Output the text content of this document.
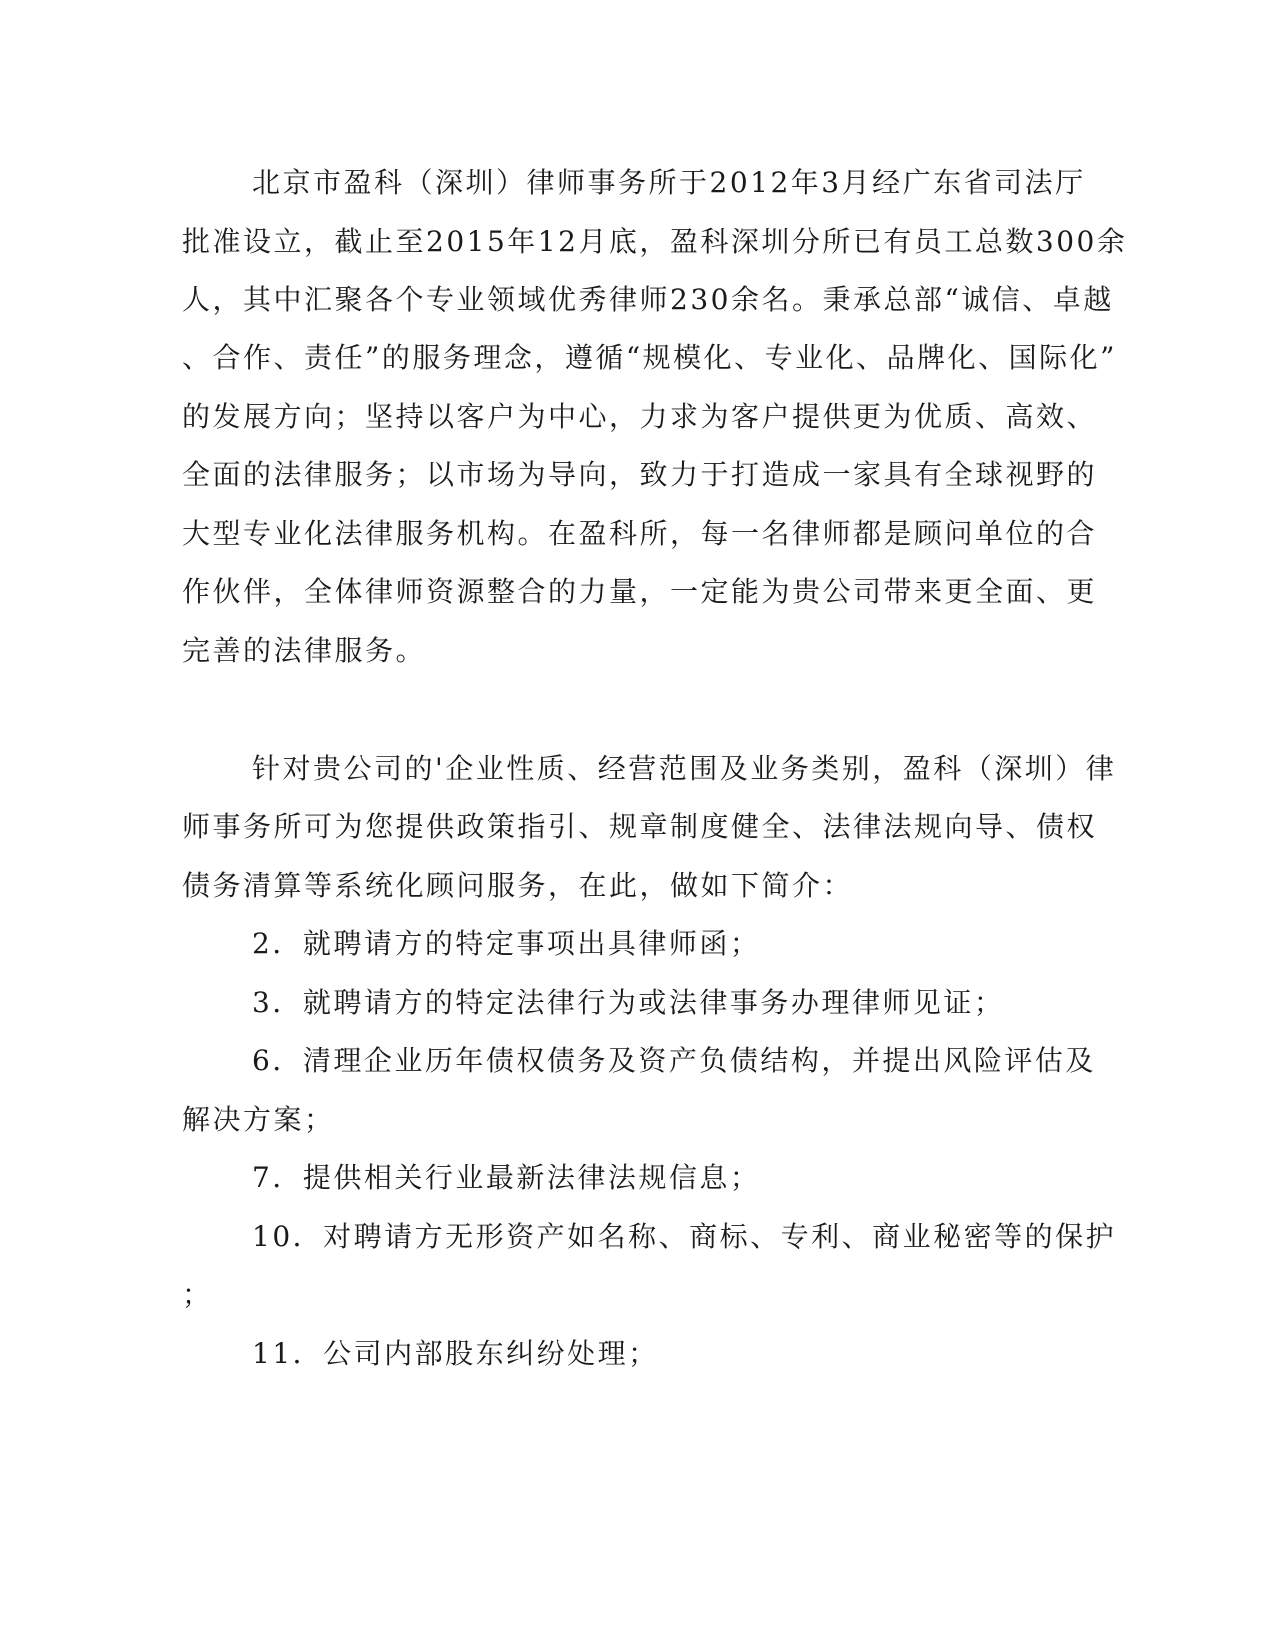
北京市盈科（深圳）律师事务所于2012年3月经广东省司法厅
批准设立，截止至2015年12月底，盈科深圳分所已有员工总数300余
人，其中汇聚各个专业领域优秀律师230余名。秉承总部“诚信、卓越
、合作、责任”的服务理念，遵循“规模化、专业化、品牌化、国际化”
的发展方向；坚持以客户为中心，力求为客户提供更为优质、高效、
全面的法律服务；以市场为导向，致力于打造成一家具有全球视野的
大型专业化法律服务机构。在盈科所，每一名律师都是顾问单位的合
作伙伴，全体律师资源整合的力量，一定能为贵公司带来更全面、更
完善的法律服务。
针对贵公司的'企业性质、经营范围及业务类别，盈科（深圳）律
师事务所可为您提供政策指引、规章制度健全、法律法规向导、债权
债务清算等系统化顾问服务，在此，做如下简介：
2．就聘请方的特定事项出具律师函；
3．就聘请方的特定法律行为或法律事务办理律师见证；
6．清理企业历年债权债务及资产负债结构，并提出风险评估及
解决方案；
7．提供相关行业最新法律法规信息；
10．对聘请方无形资产如名称、商标、专利、商业秘密等的保护
；
11．公司内部股东纠纷处理；
